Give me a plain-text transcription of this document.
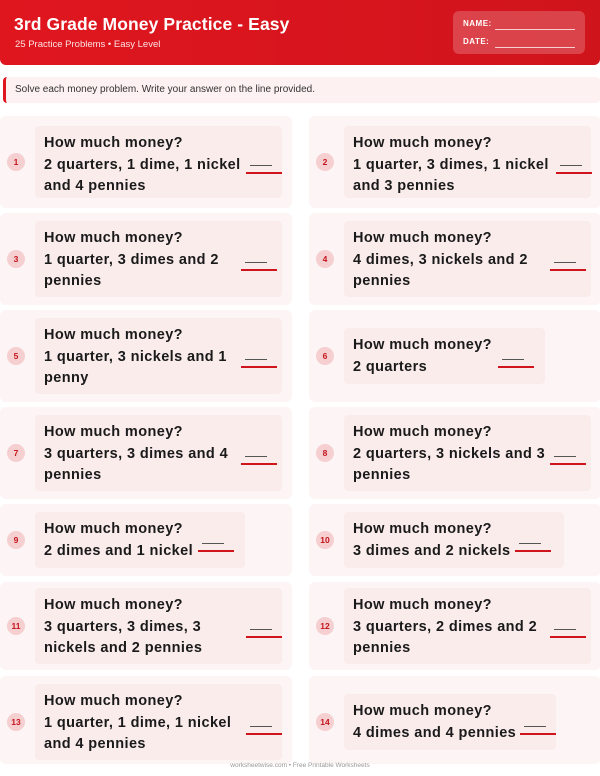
3rd Grade Money Practice - Easy
25 Practice Problems • Easy Level
NAME:
DATE:
Solve each money problem. Write your answer on the line provided.
1
How much money?
2 quarters, 1 dime, 1 nickel and 4 pennies
2
How much money?
1 quarter, 3 dimes, 1 nickel and 3 pennies
3
How much money?
1 quarter, 3 dimes and 2 pennies
4
How much money?
4 dimes, 3 nickels and 2 pennies
5
How much money?
1 quarter, 3 nickels and 1 penny
6
How much money?
2 quarters
7
How much money?
3 quarters, 3 dimes and 4 pennies
8
How much money?
2 quarters, 3 nickels and 3 pennies
9
How much money?
2 dimes and 1 nickel
10
How much money?
3 dimes and 2 nickels
11
How much money?
3 quarters, 3 dimes, 3 nickels and 2 pennies
12
How much money?
3 quarters, 2 dimes and 2 pennies
13
How much money?
1 quarter, 1 dime, 1 nickel and 4 pennies
14
How much money?
4 dimes and 4 pennies
worksheetwise.com • Free Printable Worksheets
